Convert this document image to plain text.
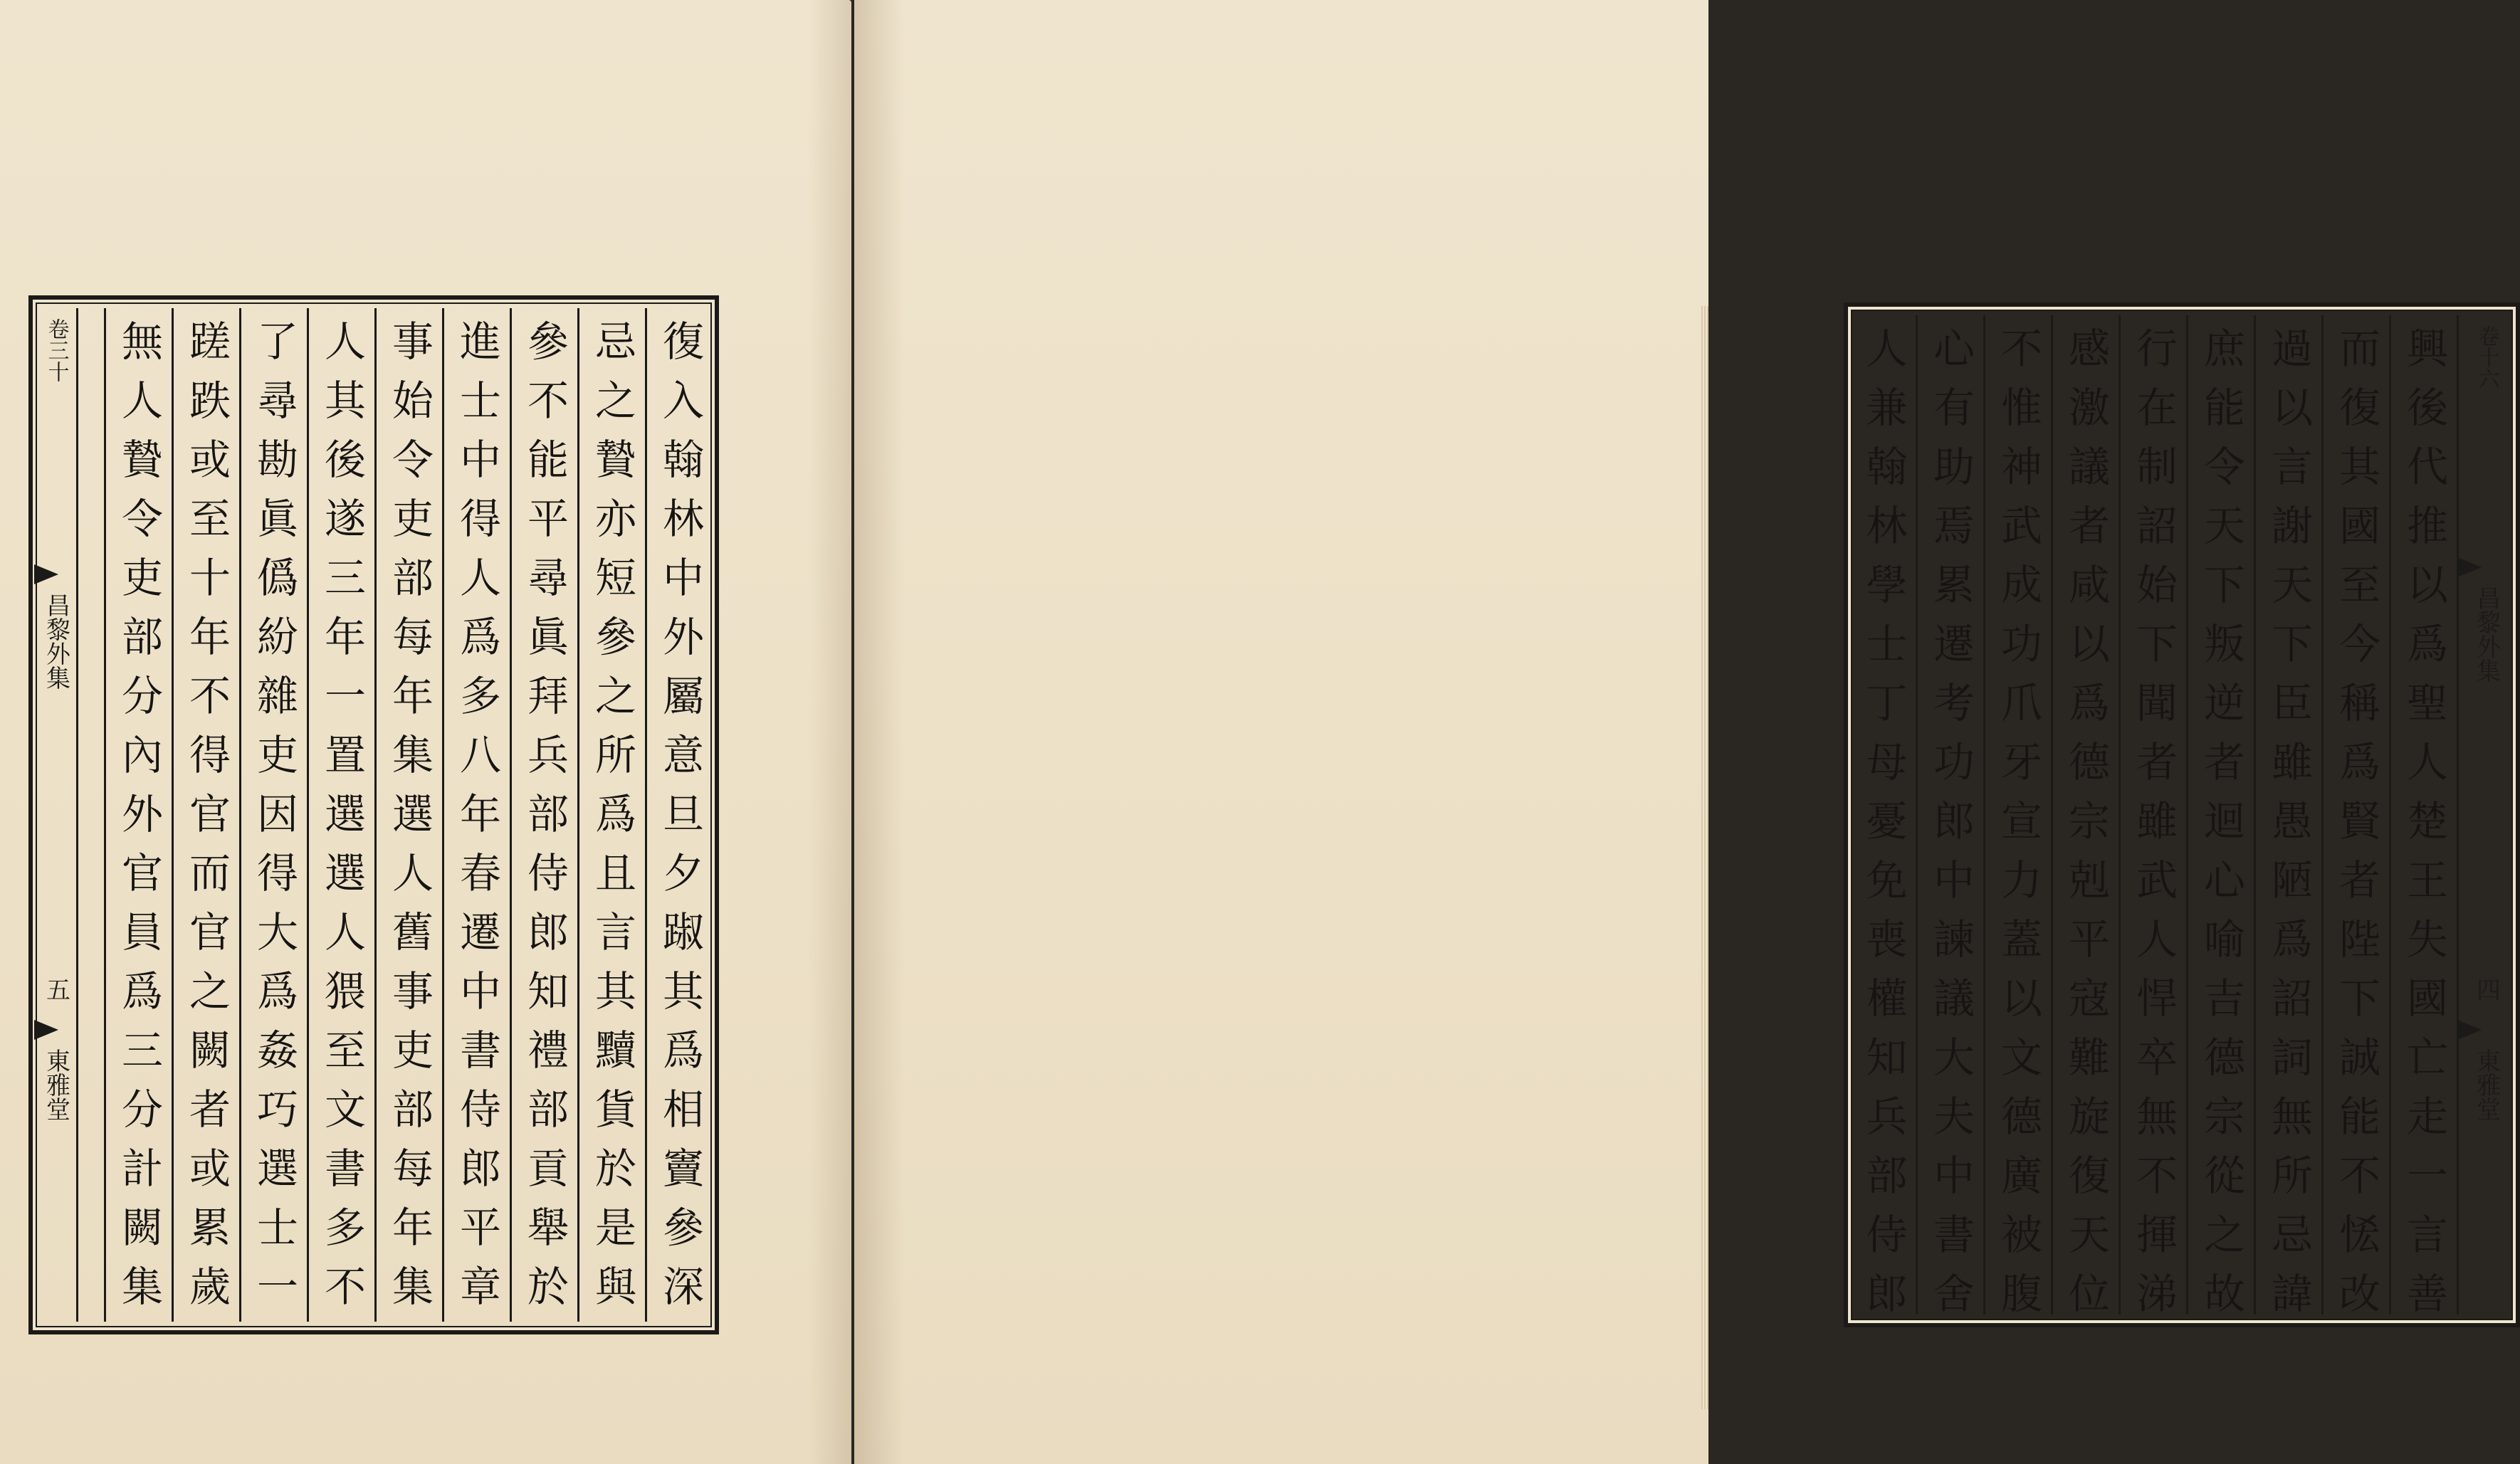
復入翰林中外屬意旦夕踧其爲相竇參深
忌之贄亦短參之所爲且言其黷貨於是與
參不能平尋眞拜兵部侍郎知禮部貢舉於
進士中得人爲多八年春遷中書侍郎平章
事始令吏部每年集選人舊事吏部每年集
人其後遂三年一置選選人猥至文書多不
了尋勘眞僞紛雜吏因得大爲姦巧選士一
蹉跌或至十年不得官而官之闕者或累歲
無人贄令吏部分內外官員爲三分計闕集
卷三十
昌黎外集
五
東雅堂	興後代推以爲聖人楚王失國亡走一言善
而復其國至今稱爲賢者陛下誠能不恡改
過以言謝天下臣雖愚陋爲詔詞無所忌諱
庶能令天下叛逆者迴心喻吉德宗從之故
行在制詔始下聞者雖武人悍卒無不揮涕
感激議者咸以爲德宗剋平寇難旋復天位
不惟神武成功爪牙宣力蓋以文德廣被腹
心有助焉累遷考功郎中諫議大夫中書舍
人兼翰林學士丁母憂免喪權知兵部侍郎	卷十六
昌黎外集
四
東雅堂
